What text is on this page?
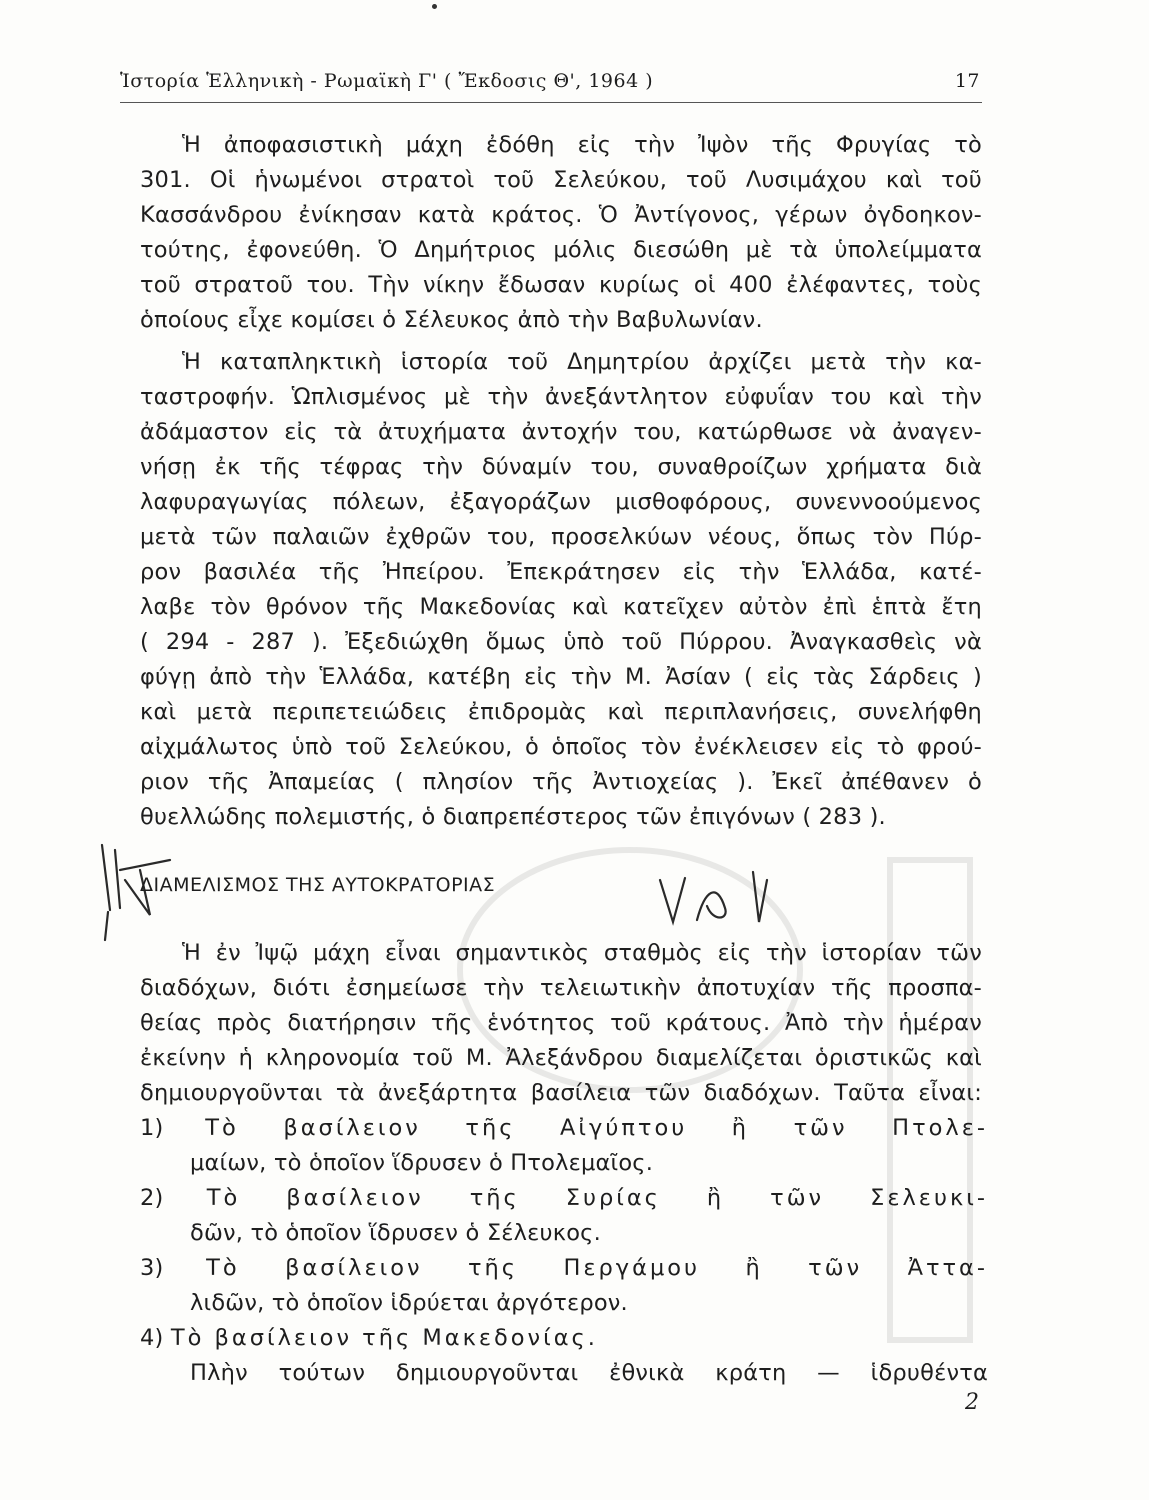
Ἱστορία Ἑλληνικὴ - Ρωμαϊκὴ Γ' ( Ἔκδοσις Θ', 1964 )	17
Ἡ ἀποφασιστικὴ μάχη ἐδόθη εἰς τὴν Ἰψὸν τῆς Φρυγίας τὸ
301. Οἱ ἡνωμένοι στρατοὶ τοῦ Σελεύκου, τοῦ Λυσιμάχου καὶ τοῦ
Κασσάνδρου ἐνίκησαν κατὰ κράτος. Ὁ Ἀντίγονος, γέρων ὀγδοηκον-
τούτης, ἐφονεύθη. Ὁ Δημήτριος μόλις διεσώθη μὲ τὰ ὑπολείμματα
τοῦ στρατοῦ του. Τὴν νίκην ἔδωσαν κυρίως οἱ 400 ἐλέφαντες, τοὺς
ὁποίους εἶχε κομίσει ὁ Σέλευκος ἀπὸ τὴν Βαβυλωνίαν.
Ἡ καταπληκτικὴ ἱστορία τοῦ Δημητρίου ἀρχίζει μετὰ τὴν κα-
ταστροφήν. Ὡπλισμένος μὲ τὴν ἀνεξάντλητον εὐφυΐαν του καὶ τὴν
ἀδάμαστον εἰς τὰ ἀτυχήματα ἀντοχήν του, κατώρθωσε νὰ ἀναγεν-
νήσῃ ἐκ τῆς τέφρας τὴν δύναμίν του, συναθροίζων χρήματα διὰ
λαφυραγωγίας πόλεων, ἐξαγοράζων μισθοφόρους, συνεννοούμενος
μετὰ τῶν παλαιῶν ἐχθρῶν του, προσελκύων νέους, ὅπως τὸν Πύρ-
ρον βασιλέα τῆς Ἠπείρου. Ἐπεκράτησεν εἰς τὴν Ἑλλάδα, κατέ-
λαβε τὸν θρόνον τῆς Μακεδονίας καὶ κατεῖχεν αὐτὸν ἐπὶ ἑπτὰ ἔτη
( 294 - 287 ). Ἐξεδιώχθη ὅμως ὑπὸ τοῦ Πύρρου. Ἀναγκασθεὶς νὰ
φύγῃ ἀπὸ τὴν Ἑλλάδα, κατέβη εἰς τὴν Μ. Ἀσίαν ( εἰς τὰς Σάρδεις )
καὶ μετὰ περιπετειώδεις ἐπιδρομὰς καὶ περιπλανήσεις, συνελήφθη
αἰχμάλωτος ὑπὸ τοῦ Σελεύκου, ὁ ὁποῖος τὸν ἐνέκλεισεν εἰς τὸ φρού-
ριον τῆς Ἀπαμείας ( πλησίον τῆς Ἀντιοχείας ). Ἐκεῖ ἀπέθανεν ὁ
θυελλώδης πολεμιστής, ὁ διαπρεπέστερος τῶν ἐπιγόνων ( 283 ).
ΔΙΑΜΕΛΙΣΜΟΣ ΤΗΣ ΑΥΤΟΚΡΑΤΟΡΙΑΣ
Ἡ ἐν Ἰψῷ μάχη εἶναι σημαντικὸς σταθμὸς εἰς τὴν ἱστορίαν τῶν
διαδόχων, διότι ἐσημείωσε τὴν τελειωτικὴν ἀποτυχίαν τῆς προσπα-
θείας πρὸς διατήρησιν τῆς ἑνότητος τοῦ κράτους. Ἀπὸ τὴν ἡμέραν
ἐκείνην ἡ κληρονομία τοῦ Μ. Ἀλεξάνδρου διαμελίζεται ὁριστικῶς καὶ
δημιουργοῦνται τὰ ἀνεξάρτητα βασίλεια τῶν διαδόχων. Ταῦτα εἶναι:
1) Τὸ βασίλειον τῆς Αἰγύπτου ἢ τῶν Πτολε-
μαίων, τὸ ὁποῖον ἵδρυσεν ὁ Πτολεμαῖος.
2) Τὸ βασίλειον τῆς Συρίας ἢ τῶν Σελευκι-
δῶν, τὸ ὁποῖον ἵδρυσεν ὁ Σέλευκος.
3) Τὸ βασίλειον τῆς Περγάμου ἢ τῶν Ἀττα-
λιδῶν, τὸ ὁποῖον ἱδρύεται ἀργότερον.
4) Τὸ βασίλειον τῆς Μακεδονίας.
Πλὴν τούτων δημιουργοῦνται ἐθνικὰ κράτη — ἱδρυθέντα
2
